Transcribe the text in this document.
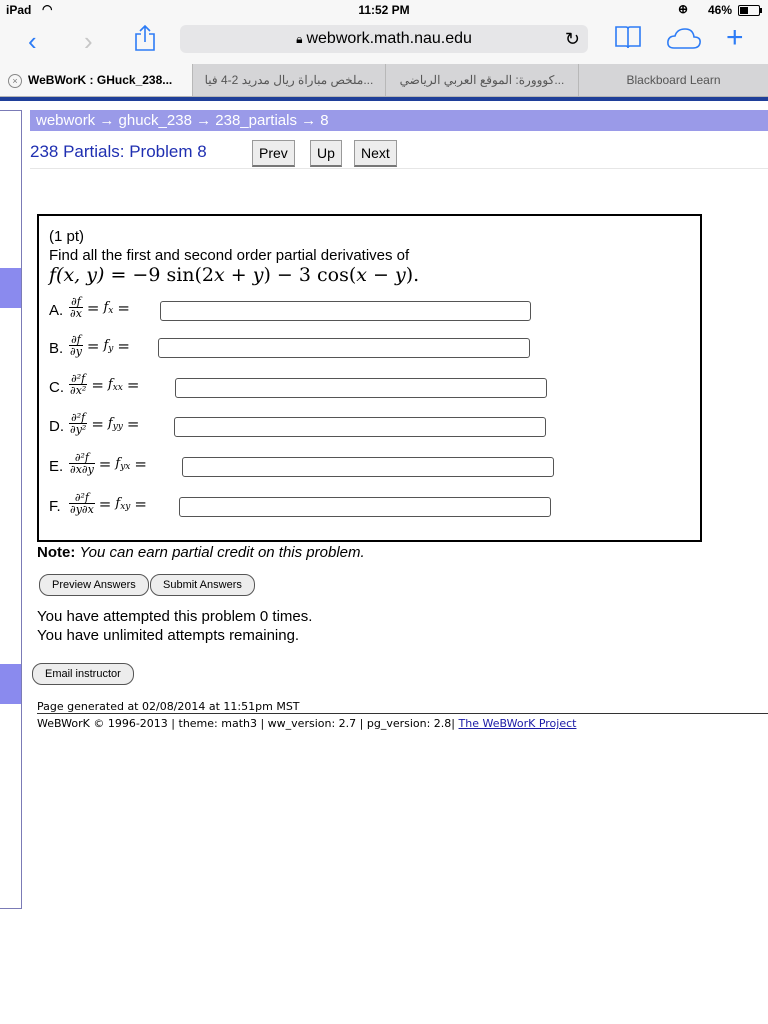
iPad ◠	11:52 PM	⊕ 46%
‹ ›	🔒︎ webwork.math.nau.edu	↻	+
× WeBWorK : GHuck_238...	ملخص مباراة ريال مدريد 2-4 فيا...	كووورة: الموقع العربي الرياضي...	Blackboard Learn
webwork → ghuck_238 → 238_partials → 8
238 Partials: Problem 8	Prev	Up	Next
(1 pt)
Find all the first and second order partial derivatives of
f(x, y) = −9 sin(2x + y) − 3 cos(x − y).
A. $\frac{\partial f}{\partial x} = f_x$ =
B. $\frac{\partial f}{\partial y} = f_y$ =
C. $\frac{\text{∂²f}}{\text{∂x²}} = f_{xx}$ =
D. $\frac{\text{∂²f}}{\text{∂y²}} = f_{yy}$ =
E. $\frac{\text{∂²f}}{\partial x\partial y} = f_{yx}$ =
F. $\frac{\text{∂²f}}{\partial y\partial x} = f_{xy}$ =
Note: You can earn partial credit on this problem.
Preview Answers	Submit Answers
You have attempted this problem 0 times.
You have unlimited attempts remaining.
Email instructor
Page generated at 02/08/2014 at 11:51pm MST
WeBWorK © 1996-2013 | theme: math3 | ww_version: 2.7 | pg_version: 2.8| The WeBWorK Project
